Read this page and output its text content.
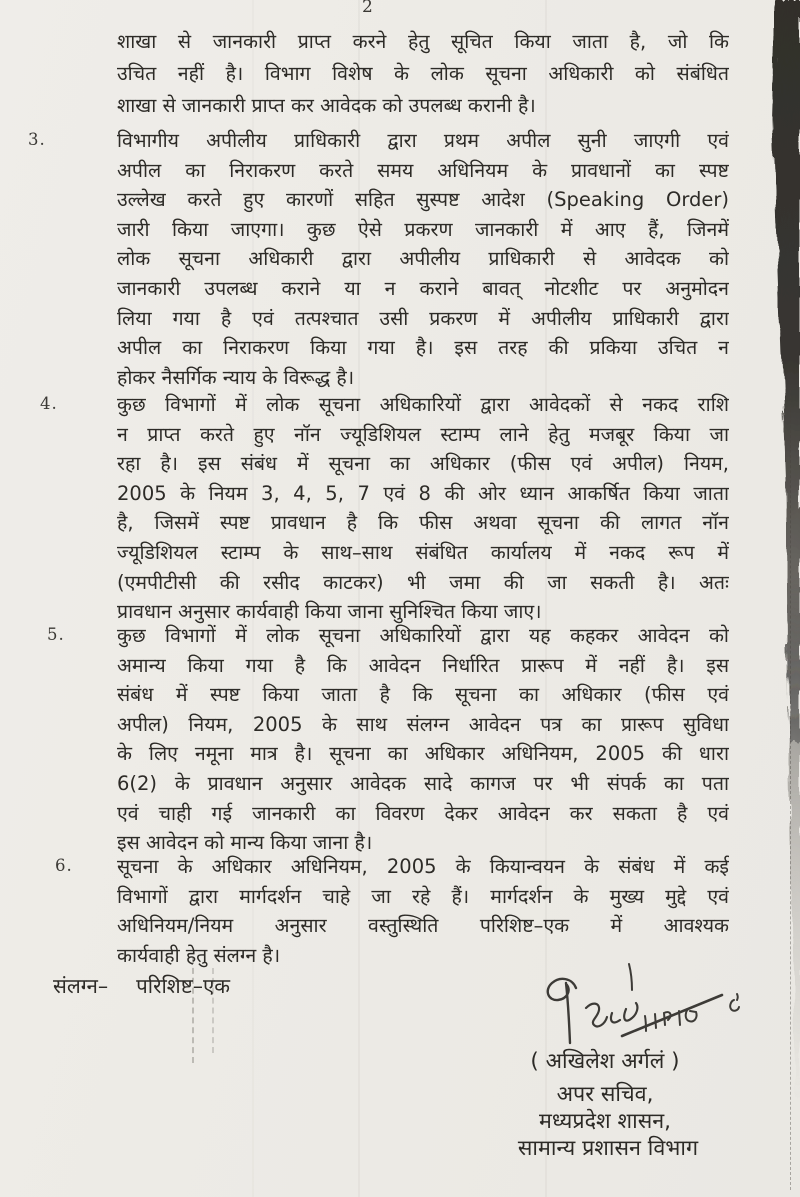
2
शाखा से जानकारी प्राप्त करने हेतु सूचित किया जाता है, जो कि
उचित नहीं है। विभाग विशेष के लोक सूचना अधिकारी को संबंधित
शाखा से जानकारी प्राप्त कर आवेदक को उपलब्ध करानी है।
3.	विभागीय अपीलीय प्राधिकारी द्वारा प्रथम अपील सुनी जाएगी एवं
अपील का निराकरण करते समय अधिनियम के प्रावधानों का स्पष्ट
उल्लेख करते हुए कारणों सहित सुस्पष्ट आदेश (Speaking Order)
जारी किया जाएगा। कुछ ऐसे प्रकरण जानकारी में आए हैं, जिनमें
लोक सूचना अधिकारी द्वारा अपीलीय प्राधिकारी से आवेदक को
जानकारी उपलब्ध कराने या न कराने बावत् नोटशीट पर अनुमोदन
लिया गया है एवं तत्पश्चात उसी प्रकरण में अपीलीय प्राधिकारी द्वारा
अपील का निराकरण किया गया है। इस तरह की प्रकिया उचित न
होकर नैसर्गिक न्याय के विरूद्ध है।
4.	कुछ विभागों में लोक सूचना अधिकारियों द्वारा आवेदकों से नकद राशि
न प्राप्त करते हुए नॉन ज्यूडिशियल स्टाम्प लाने हेतु मजबूर किया जा
रहा है। इस संबंध में सूचना का अधिकार (फीस एवं अपील) नियम,
2005 के नियम 3, 4, 5, 7 एवं 8 की ओर ध्यान आकर्षित किया जाता
है, जिसमें स्पष्ट प्रावधान है कि फीस अथवा सूचना की लागत नॉन
ज्यूडिशियल स्टाम्प के साथ–साथ संबंधित कार्यालय में नकद रूप में
(एमपीटीसी की रसीद काटकर) भी जमा की जा सकती है। अतः
प्रावधान अनुसार कार्यवाही किया जाना सुनिश्चित किया जाए।
5.	कुछ विभागों में लोक सूचना अधिकारियों द्वारा यह कहकर आवेदन को
अमान्य किया गया है कि आवेदन निर्धारित प्रारूप में नहीं है। इस
संबंध में स्पष्ट किया जाता है कि सूचना का अधिकार (फीस एवं
अपील) नियम, 2005 के साथ संलग्न आवेदन पत्र का प्रारूप सुविधा
के लिए नमूना मात्र है। सूचना का अधिकार अधिनियम, 2005 की धारा
6(2) के प्रावधान अनुसार आवेदक सादे कागज पर भी संपर्क का पता
एवं चाही गई जानकारी का विवरण देकर आवेदन कर सकता है एवं
इस आवेदन को मान्य किया जाना है।
6. सूचना के अधिकार अधिनियम, 2005 के कियान्वयन के संबंध में कई
विभागों द्वारा मार्गदर्शन चाहे जा रहे हैं। मार्गदर्शन के मुख्य मुद्दे एवं
अधिनियम/नियम अनुसार वस्तुस्थिति परिशिष्ट–एक में आवश्यक
कार्यवाही हेतु संलग्न है।
संलग्न– परिशिष्ट–एक
( अखिलेश अर्गलं )
अपर सचिव,
मध्यप्रदेश शासन,
सामान्य प्रशासन विभाग
